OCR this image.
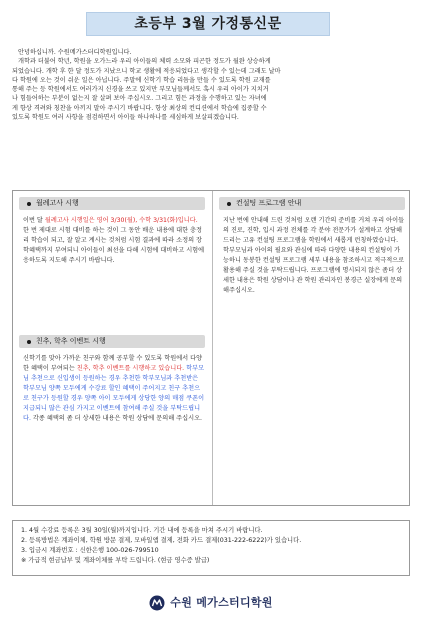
초등부 3월 가정통신문

안녕하십니까. 수원메가스터디학원입니다.

개학과 더불어 학년, 학원을 오가느라 우리 아이들의 체력 소모와 피곤한 정도가 월완 상승하게

되었습니다. 개학 후 한 달 정도가 지났으니 학교 생활에 적응되었다고 생각할 수 있는데 그래도 날마

다 학원에 오는 것이 쉬운 일은 아닙니다. 주말에 신학기 학습 리듬을 만들 수 있도록 학원 교재를

통해 주는 등 학원에서도 여러가지 신경을 쓰고 있지만 부모님들께서도 혹시 우리 아이가 지치거

나 힘들어하는 부분이 없는지 잘 살펴 보아 주십시오. 그리고 힘든 과정을 수행하고 있는 자녀에

게 항상 격려와 칭찬을 아끼지 말아 주시기 바랍니다. 항상 최상의 컨디션에서 학습에 집중할 수

있도록 학원도 여러 사항을 점검하면서 아이들 하나하나를 세심하게 보살피겠습니다.

월례고사 시행
이번 달 월례고사 시행일은 영어 3/30(월), 수학 3/31(화)입니다. 한 번 제대로 시험 대비를 하는 것이 그 동안 배운 내용에 대한 충정리 학습이 되고, 잘 알고 계시는 것처럼 시험 결과에 따라 소정의 장학혜택까지 부여되니 아이들이 최선을 다해 시험에 대비하고 시험에 응하도록 지도해 주시기 바랍니다.
컨설팅 프로그램 안내
지난 번에 안내해 드린 것처럼 오랜 기간의 준비를 거쳐 우리 아이들의 진로, 진학, 입시 과정 전체를 각 분야 전문가가 설계하고 상담해 드리는 고유 컨설팅 프로그램을 학원에서 새롭게 런칭하였습니다. 학부모님과 아이의 필요와 관심에 따라 다양한 내용의 컨설팅이 가능하니 동봉한 컨설팅 프로그램 세부 내용을 참조하시고 적극적으로 활용해 주실 것을 부탁드립니다. 프로그램에 명시되지 않은 좀더 상세한 내용은 학원 상담이나 관 학원 관리자인 봉경근 실장에게 문의해주십시오.
친추, 학추 이벤트 시행
신학기를 맞아 가까운 친구와 함께 공부할 수 있도록 학원에서 다양한 혜택이 부여되는 친추, 학추 이벤트를 시행하고 있습니다. 학부모님 추천으로 신입생이 등원하는 경우 추천한 학부모님과 추천받은 학부모님 양쪽 모두에게 수강료 할인 혜택이 주어지고 친구 추천으로 친구가 등원할 경우 양쪽 아이 모두에게 상당한 양의 매점 쿠폰이 지급되니 많은 관심 가지고 이벤트에 참여해 주실 것을 부탁드립니다. 각종 혜택의 좀 더 상세한 내용은 학원 상담에 문의해 주십시오.
1. 4월 수강료 등록은 3월 30일(월)까지입니다. 기간 내에 등록을 마쳐 주시기 바랍니다.
2. 등록방법은 계좌이체, 학원 방문 결제, 모바일앱 결제, 전화 카드 결제(031-222-6222)가 있습니다.
3. 입금시 계좌번호 : 신한은행 100-026-799510
※ 가급적 현금납부 및 계좌이체를 부탁 드립니다. (현금 영수증 발급)
수원 메가스터디학원
